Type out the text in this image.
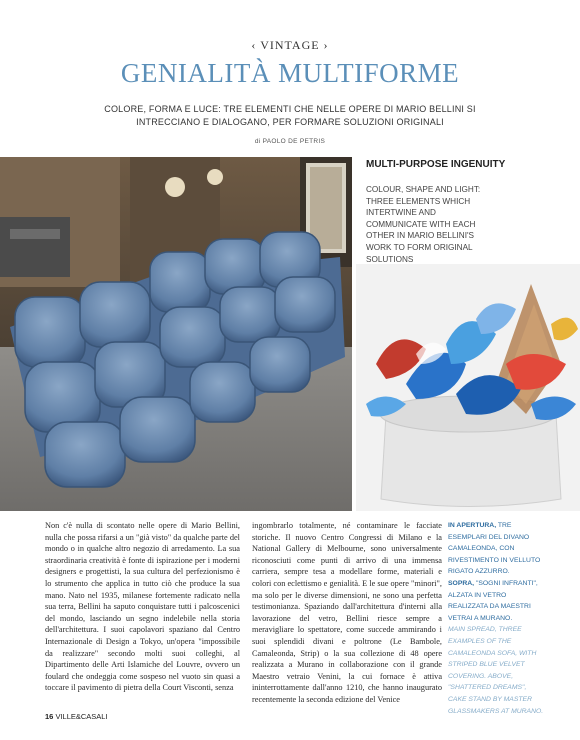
‹ VINTAGE ›
GENIALITÀ MULTIFORME
COLORE, FORMA E LUCE: TRE ELEMENTI CHE NELLE OPERE DI MARIO BELLINI SI INTRECCIANO E DIALOGANO, PER FORMARE SOLUZIONI ORIGINALI
di PAOLO DE PETRIS
MULTI-PURPOSE INGENUITY
COLOUR, SHAPE AND LIGHT: THREE ELEMENTS WHICH INTERTWINE AND COMMUNICATE WITH EACH OTHER IN MARIO BELLINI'S WORK TO FORM ORIGINAL SOLUTIONS
Non c'è nulla di scontato nelle opere di Mario Bellini, nulla che possa rifarsi a un "già visto" da qualche parte del mondo o in qualche altro negozio di arredamento. La sua straordinaria creatività è fonte di ispirazione per i moderni designers e progettisti, la sua cultura del perfezionismo è lo strumento che applica in tutto ciò che produce la sua mano. Nato nel 1935, milanese fortemente radicato nella sua terra, Bellini ha saputo conquistare tutti i palcoscenici del mondo, lasciando un segno indelebile nella storia dell'architettura. I suoi capolavori spaziano dal Centro Internazionale di Design a Tokyo, un'opera "impossibile da realizzare" secondo molti suoi colleghi, al Dipartimento delle Arti Islamiche del Louvre, ovvero un foulard che ondeggia come sospeso nel vuoto sin quasi a toccare il pavimento di pietra della Court Visconti, senza
ingombrarlo totalmente, né contaminare le facciate storiche. Il nuovo Centro Congressi di Milano e la National Gallery di Melbourne, sono universalmente riconosciuti come punti di arrivo di una immensa carriera, sempre tesa a modellare forme, materiali e colori con eclettismo e genialità. E le sue opere "minori", ma solo per le diverse dimensioni, ne sono una perfetta testimonianza. Spaziando dall'architettura d'interni alla lavorazione del vetro, Bellini riesce sempre a meravigliare lo spettatore, come succede ammirando i suoi splendidi divani e poltrone (Le Bambole, Camaleonda, Strip) o la sua collezione di 48 opere realizzata a Murano in collaborazione con il grande Maestro vetraio Venini, la cui fornace è attiva ininterrottamente dall'anno 1210, che hanno inaugurato recentemente la seconda edizione del Venice
IN APERTURA, TRE ESEMPLARI DEL DIVANO CAMALEONDA, CON RIVESTIMENTO IN VELLUTO RIGATO AZZURRO.
SOPRA, "SOGNI INFRANTI", ALZATA IN VETRO REALIZZATA DA MAESTRI VETRAI A MURANO.
MAIN SPREAD, THREE EXAMPLES OF THE CAMALEONDA SOFA, WITH STRIPED BLUE VELVET COVERING. ABOVE, "SHATTERED DREAMS", CAKE STAND BY MASTER GLASSMAKERS AT MURANO.
16 VILLE&CASALI
